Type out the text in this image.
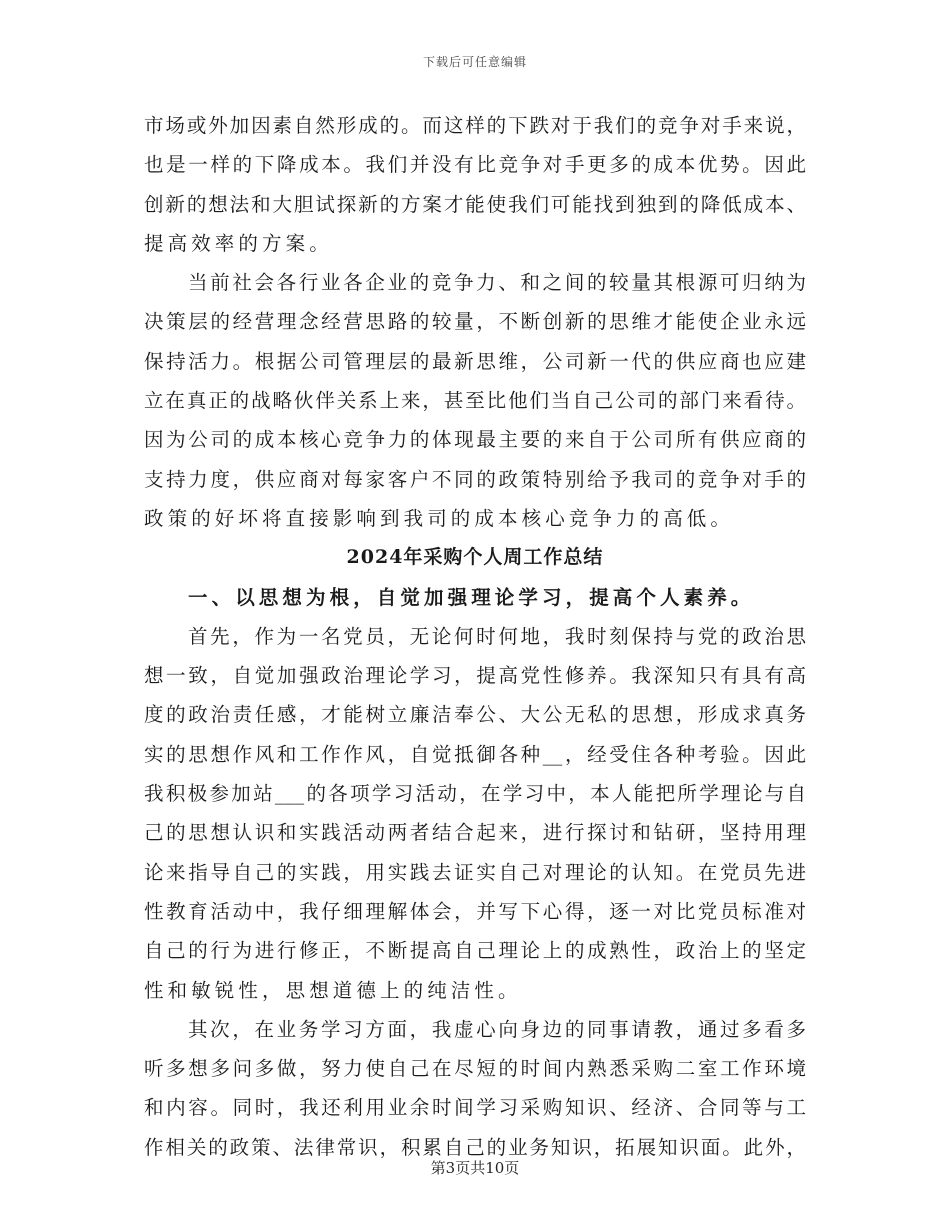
下载后可任意编辑
市场或外加因素自然形成的。而这样的下跌对于我们的竞争对手来说，
也是一样的下降成本。我们并没有比竞争对手更多的成本优势。因此
创新的想法和大胆试探新的方案才能使我们可能找到独到的降低成本、
提高效率的方案。
当前社会各行业各企业的竞争力、和之间的较量其根源可归纳为
决策层的经营理念经营思路的较量，不断创新的思维才能使企业永远
保持活力。根据公司管理层的最新思维，公司新一代的供应商也应建
立在真正的战略伙伴关系上来，甚至比他们当自己公司的部门来看待。
因为公司的成本核心竞争力的体现最主要的来自于公司所有供应商的
支持力度，供应商对每家客户不同的政策特别给予我司的竞争对手的
政策的好坏将直接影响到我司的成本核心竞争力的高低。
2024年采购个人周工作总结
一、以思想为根，自觉加强理论学习，提高个人素养。
首先，作为一名党员，无论何时何地，我时刻保持与党的政治思
想一致，自觉加强政治理论学习，提高党性修养。我深知只有具有高
度的政治责任感，才能树立廉洁奉公、大公无私的思想，形成求真务
实的思想作风和工作作风，自觉抵御各种__，经受住各种考验。因此
我积极参加站___的各项学习活动，在学习中，本人能把所学理论与自
己的思想认识和实践活动两者结合起来，进行探讨和钻研，坚持用理
论来指导自己的实践，用实践去证实自己对理论的认知。在党员先进
性教育活动中，我仔细理解体会，并写下心得，逐一对比党员标准对
自己的行为进行修正，不断提高自己理论上的成熟性，政治上的坚定
性和敏锐性，思想道德上的纯洁性。
其次，在业务学习方面，我虚心向身边的同事请教，通过多看多
听多想多问多做，努力使自己在尽短的时间内熟悉采购二室工作环境
和内容。同时，我还利用业余时间学习采购知识、经济、合同等与工
作相关的政策、法律常识，积累自己的业务知识，拓展知识面。此外，
第3页共10页
